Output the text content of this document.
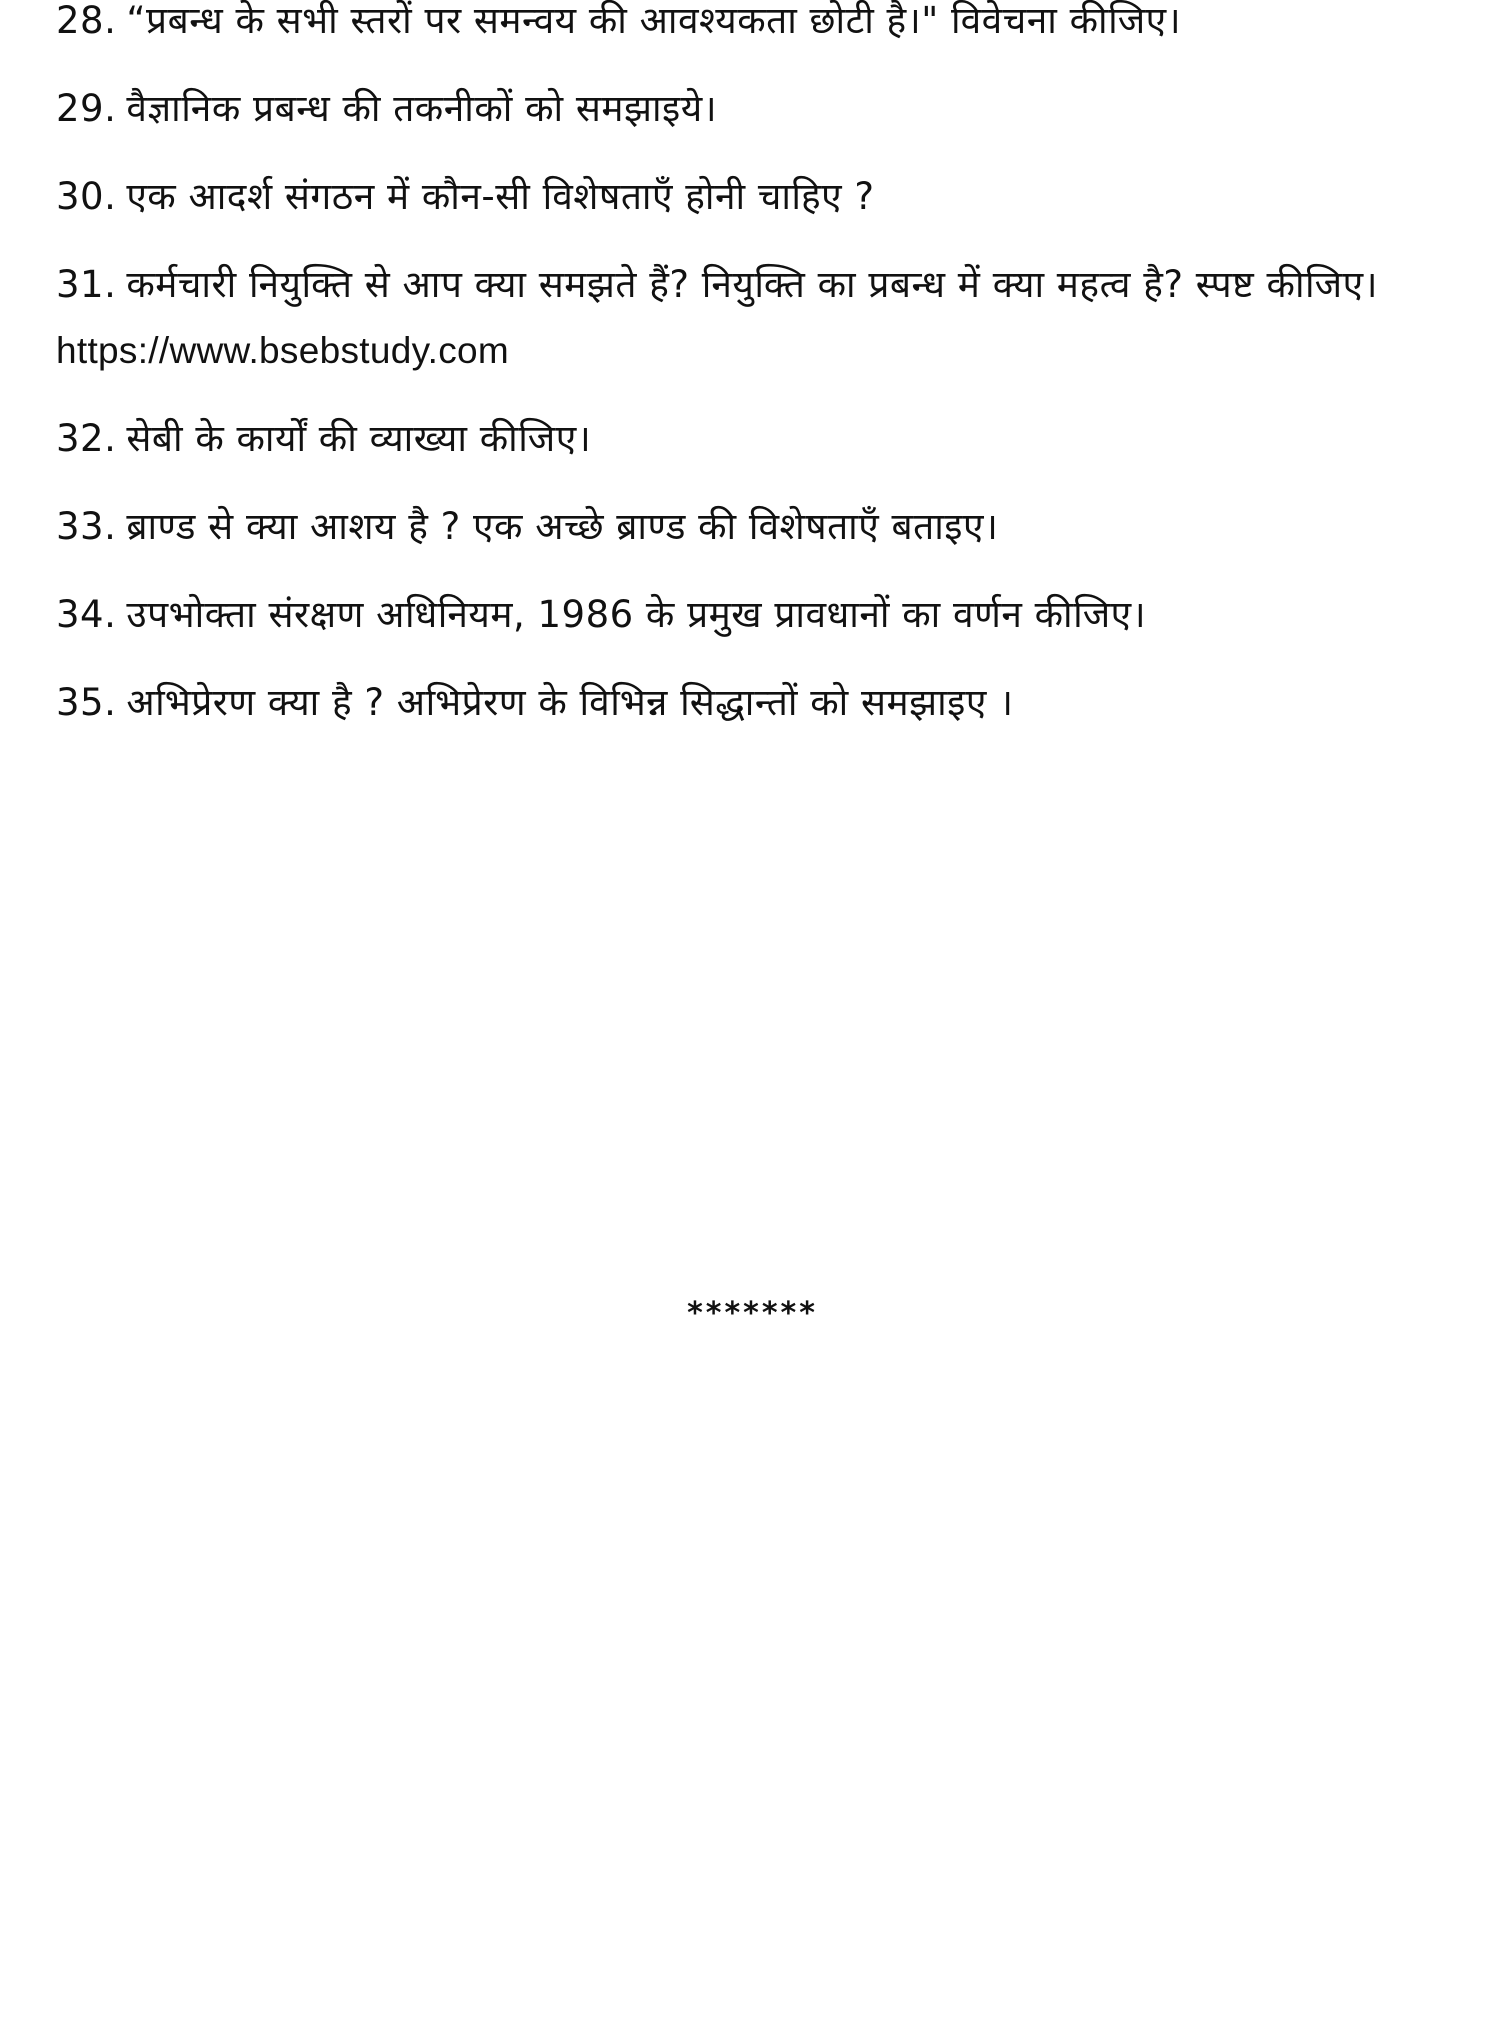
28. “प्रबन्ध के सभी स्तरों पर समन्वय की आवश्यकता छोटी है।" विवेचना कीजिए।
29. वैज्ञानिक प्रबन्ध की तकनीकों को समझाइये।
30. एक आदर्श संगठन में कौन-सी विशेषताएँ होनी चाहिए ?
31. कर्मचारी नियुक्ति से आप क्या समझते हैं? नियुक्ति का प्रबन्ध में क्या महत्व है? स्पष्ट कीजिए। https://www.bsebstudy.com
32. सेबी के कार्यों की व्याख्या कीजिए।
33. ब्राण्ड से क्या आशय है ? एक अच्छे ब्राण्ड की विशेषताएँ बताइए।
34. उपभोक्ता संरक्षण अधिनियम, 1986 के प्रमुख प्रावधानों का वर्णन कीजिए।
35. अभिप्रेरण क्या है ? अभिप्रेरण के विभिन्न सिद्धान्तों को समझाइए ।
*******
